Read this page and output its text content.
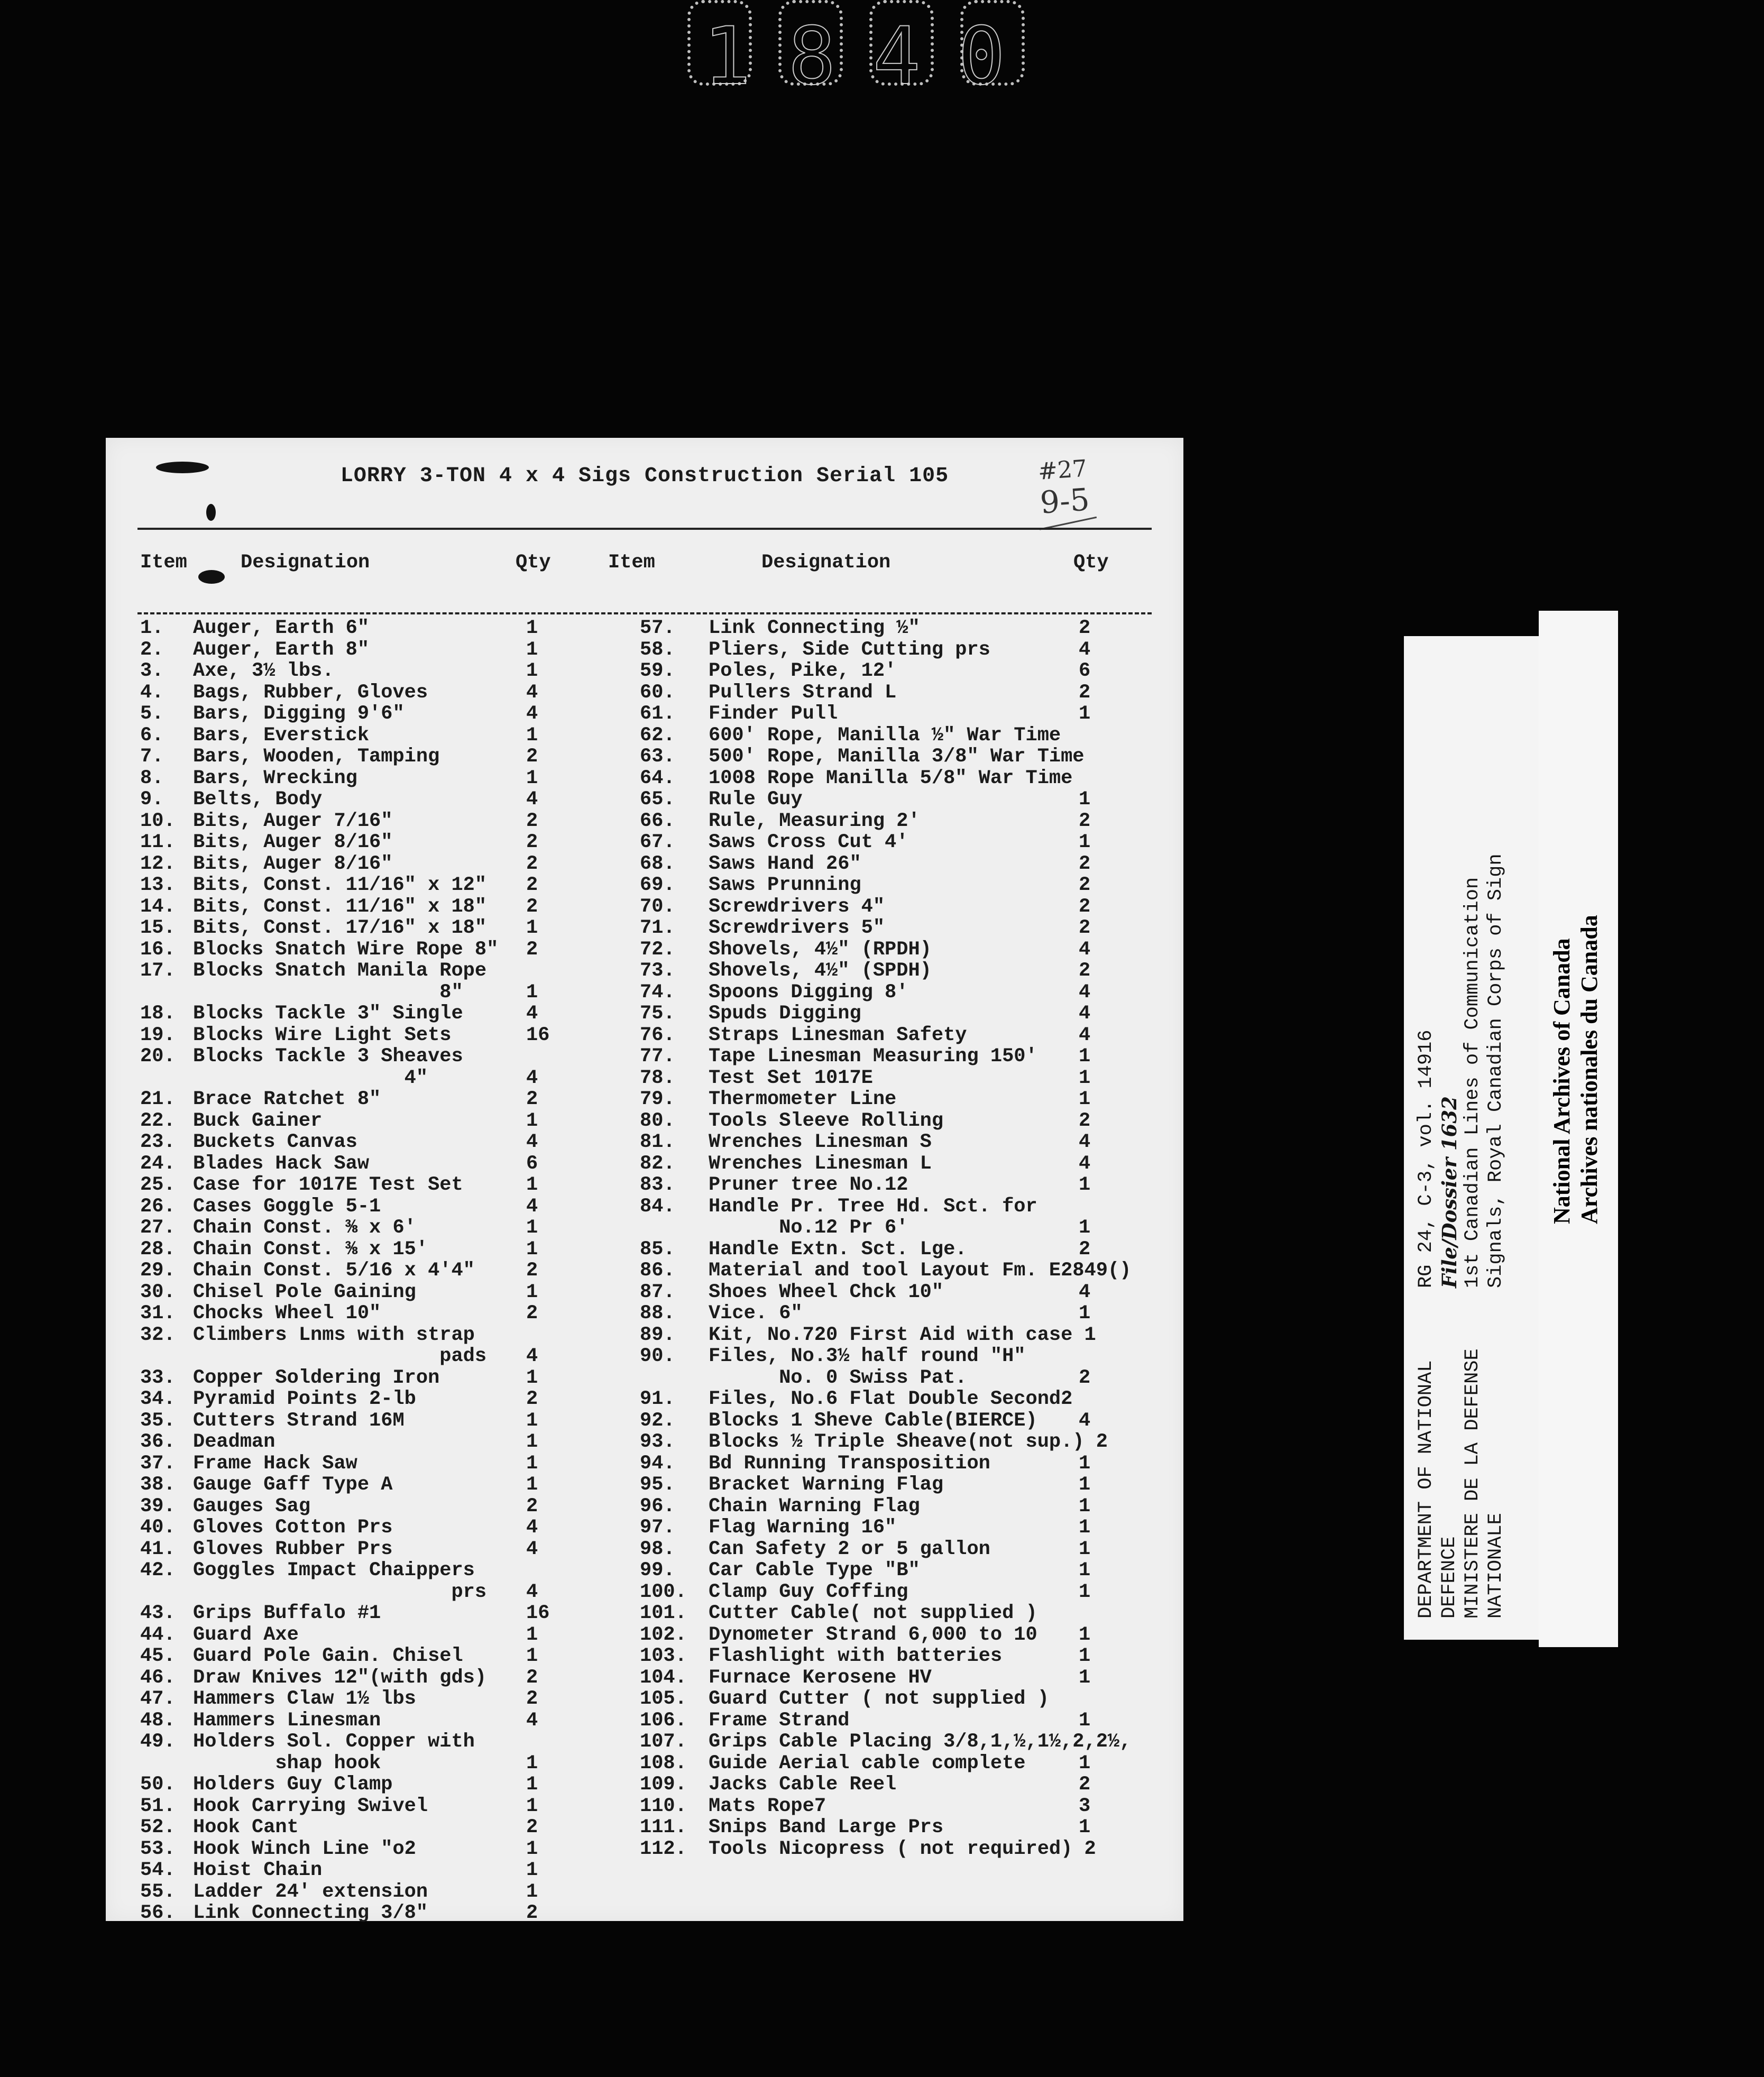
1840
LORRY 3-TON 4 x 4 Sigs Construction Serial 105	#27
9-5
Item	Designation	Qty	Item	Designation	Qty
1. Auger, Earth 6"	1
2. Auger, Earth 8"	1
3. Axe, 3½ lbs.	1
4. Bags, Rubber, Gloves	4
5. Bars, Digging 9'6"	4
6. Bars, Everstick	1
7. Bars, Wooden, Tamping	2
8. Bars, Wrecking	1
9. Belts, Body	4
10. Bits, Auger 7/16"	2
11. Bits, Auger 8/16"	2
12. Bits, Auger 8/16"	2
13. Bits, Const. 11/16" x 12" 2
14. Bits, Const. 11/16" x 18" 2
15. Bits, Const. 17/16" x 18" 1
16. Blocks Snatch Wire Rope 8" 2
17. Blocks Snatch Manila Rope
8"	1
18. Blocks Tackle 3" Single	4
19. Blocks Wire Light Sets	16
20. Blocks Tackle 3 Sheaves
4"	4
21. Brace Ratchet 8"	2
22. Buck Gainer	1
23. Buckets Canvas	4
24. Blades Hack Saw	6
25. Case for 1017E Test Set	1
26. Cases Goggle 5-1	4
27. Chain Const. ⅜ x 6'	1
28. Chain Const. ⅜ x 15'	1
29. Chain Const. 5/16 x 4'4"	2
30. Chisel Pole Gaining	1
31. Chocks Wheel 10"	2
32. Climbers Lnms with strap
pads 4
33. Copper Soldering Iron	1
34. Pyramid Points 2-lb	2
35. Cutters Strand 16M	1
36. Deadman	1
37. Frame Hack Saw	1
38. Gauge Gaff Type A	1
39. Gauges Sag	2
40. Gloves Cotton Prs	4
41. Gloves Rubber Prs	4
42. Goggles Impact Chaippers
prs 4
43. Grips Buffalo #1	16
44. Guard Axe	1
45. Guard Pole Gain. Chisel	1
46. Draw Knives 12"(with gds) 2
47. Hammers Claw 1½ lbs	2
48. Hammers Linesman	4
49. Holders Sol. Copper with
shap hook	1
50. Holders Guy Clamp	1
51. Hook Carrying Swivel	1
52. Hook Cant	2
53. Hook Winch Line "o2	1
54. Hoist Chain	1
55. Ladder 24' extension	1
56. Link Connecting 3/8"	2
57. Link Connecting ½"	2
58. Pliers, Side Cutting prs	4
59. Poles, Pike, 12'	6
60. Pullers Strand L	2
61. Finder Pull	1
62. 600' Rope, Manilla ½" War Time
63. 500' Rope, Manilla 3/8" War Time
64. 1008 Rope Manilla 5/8" War Time
65. Rule Guy	1
66. Rule, Measuring 2'	2
67. Saws Cross Cut 4'	1
68. Saws Hand 26"	2
69. Saws Prunning	2
70. Screwdrivers 4"	2
71. Screwdrivers 5"	2
72. Shovels, 4½" (RPDH)	4
73. Shovels, 4½" (SPDH)	2
74. Spoons Digging 8'	4
75. Spuds Digging	4
76. Straps Linesman Safety	4
77. Tape Linesman Measuring 150' 1
78. Test Set 1017E	1
79. Thermometer Line	1
80. Tools Sleeve Rolling	2
81. Wrenches Linesman S	4
82. Wrenches Linesman L	4
83. Pruner tree No.12	1
84. Handle Pr. Tree Hd. Sct. for
No.12 Pr 6'	1
85. Handle Extn. Sct. Lge.	2
86. Material and tool Layout Fm. E2849()
87. Shoes Wheel Chck 10"	4
88. Vice. 6"	1
89. Kit, No.720 First Aid with case 1
90. Files, No.3½ half round "H"
No. 0 Swiss Pat.	2
91. Files, No.6 Flat Double Second2
92. Blocks 1 Sheve Cable(BIERCE) 4
93. Blocks ½ Triple Sheave(not sup.) 2
94. Bd Running Transposition	1
95. Bracket Warning Flag	1
96. Chain Warning Flag	1
97. Flag Warning 16"	1
98. Can Safety 2 or 5 gallon	1
99. Car Cable Type "B"	1
100. Clamp Guy Coffing	1
101. Cutter Cable( not supplied )
102. Dynometer Strand 6,000 to 10 1
103. Flashlight with batteries	1
104. Furnace Kerosene HV	1
105. Guard Cutter ( not supplied )
106. Frame Strand	1
107. Grips Cable Placing 3/8,1,½,1½,2,2½,
108. Guide Aerial cable complete	1
109. Jacks Cable Reel	2
110. Mats Rope7	3
111. Snips Band Large Prs	1
112. Tools Nicopress ( not required) 2
DEPARTMENT OF NATIONAL DEFENCE MINISTERE DE LA DEFENSE NATIONALE
RG 24, C-3, vol. 14916 File/Dossier 1632 1st Canadian Lines of Communication Signals, Royal Canadian Corps of Sign National Archives of Canada Archives nationales du Canada
